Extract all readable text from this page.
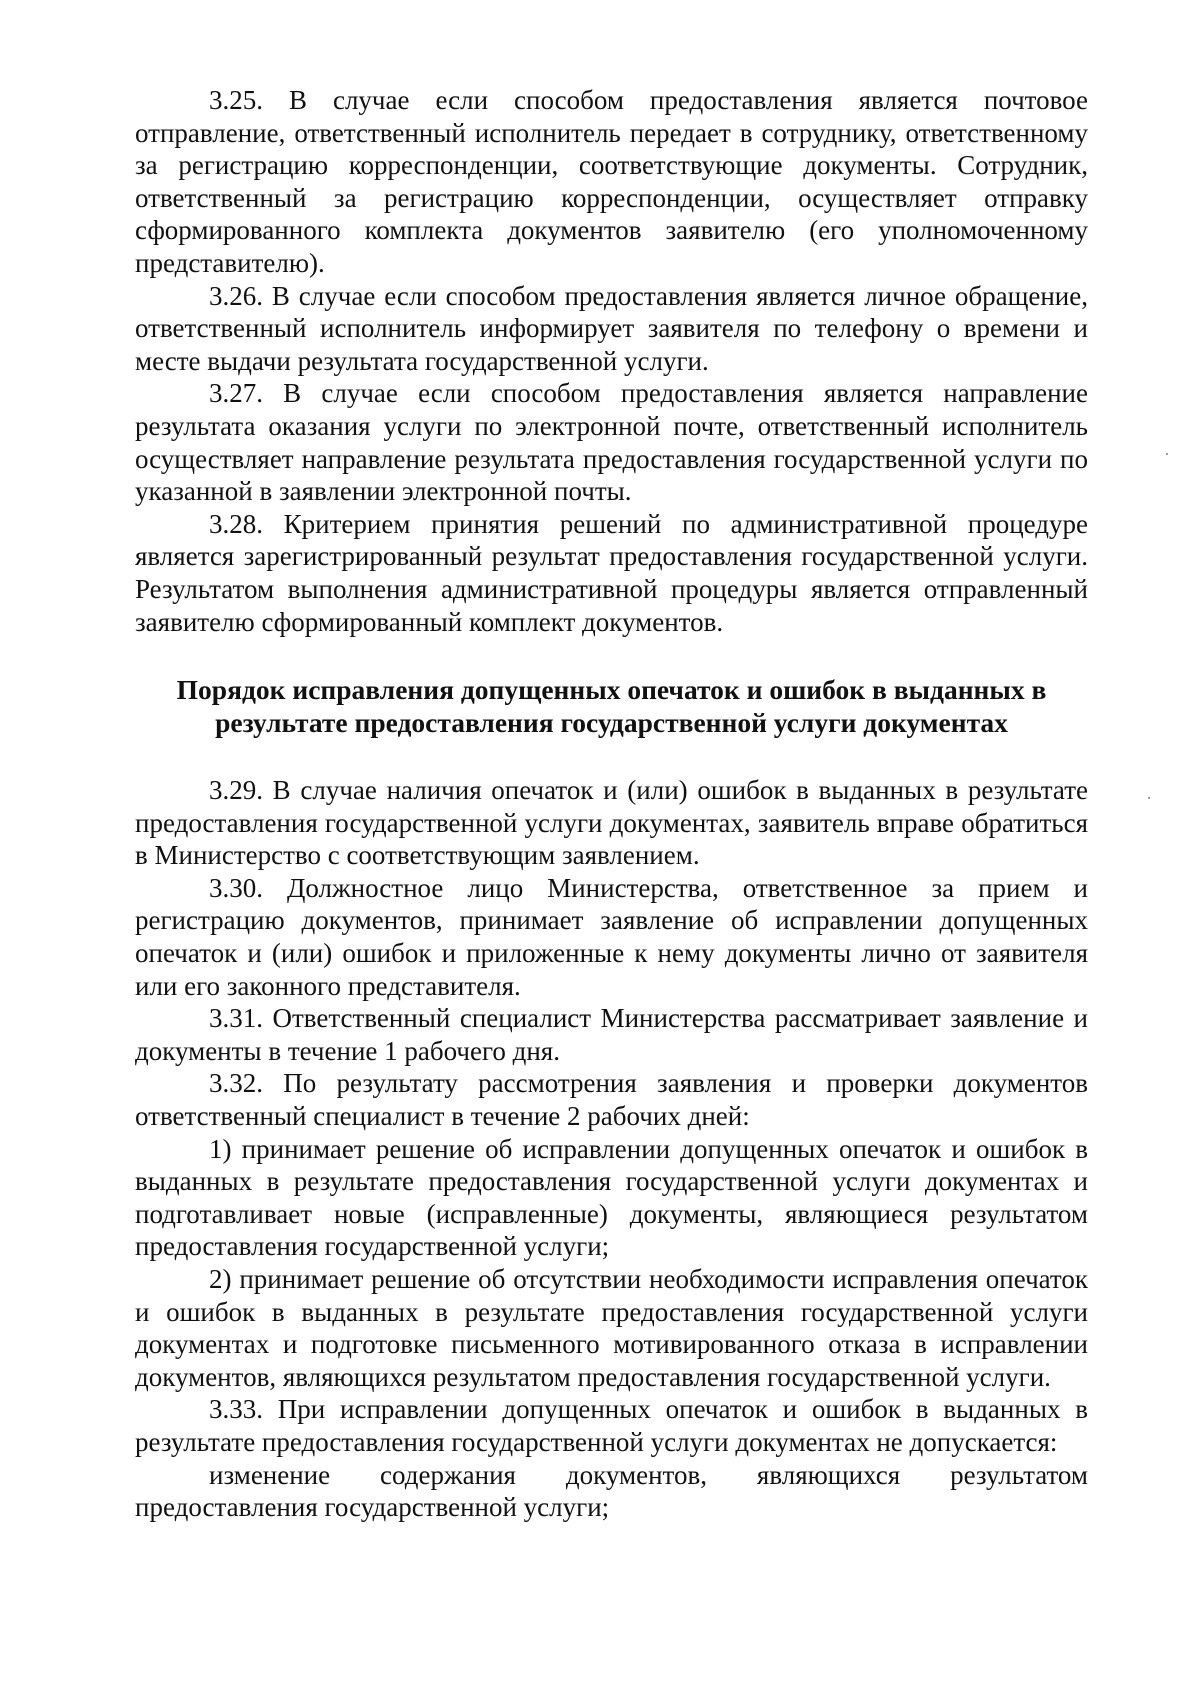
3.25. В случае если способом предоставления является почтовое отправление, ответственный исполнитель передает в сотруднику, ответственному за регистрацию корреспонденции, соответствующие документы. Сотрудник, ответственный за регистрацию корреспонденции, осуществляет отправку сформированного комплекта документов заявителю (его уполномоченному представителю).

3.26. В случае если способом предоставления является личное обращение, ответственный исполнитель информирует заявителя по телефону о времени и месте выдачи результата государственной услуги.

3.27. В случае если способом предоставления является направление результата оказания услуги по электронной почте, ответственный исполнитель осуществляет направление результата предоставления государственной услуги по указанной в заявлении электронной почты.

3.28. Критерием принятия решений по административной процедуре является зарегистрированный результат предоставления государственной услуги. Результатом выполнения административной процедуры является отправленный заявителю сформированный комплект документов.

Порядок исправления допущенных опечаток и ошибок в выданных в
результате предоставления государственной услуги документах

3.29. В случае наличия опечаток и (или) ошибок в выданных в результате предоставления государственной услуги документах, заявитель вправе обратиться в Министерство с соответствующим заявлением.

3.30. Должностное лицо Министерства, ответственное за прием и регистрацию документов, принимает заявление об исправлении допущенных опечаток и (или) ошибок и приложенные к нему документы лично от заявителя или его законного представителя.

3.31. Ответственный специалист Министерства рассматривает заявление и документы в течение 1 рабочего дня.

3.32. По результату рассмотрения заявления и проверки документов ответственный специалист в течение 2 рабочих дней:

1) принимает решение об исправлении допущенных опечаток и ошибок в выданных в результате предоставления государственной услуги документах и подготавливает новые (исправленные) документы, являющиеся результатом предоставления государственной услуги;

2) принимает решение об отсутствии необходимости исправления опечаток и ошибок в выданных в результате предоставления государственной услуги документах и подготовке письменного мотивированного отказа в исправлении документов, являющихся результатом предоставления государственной услуги.

3.33. При исправлении допущенных опечаток и ошибок в выданных в результате предоставления государственной услуги документах не допускается:

изменение содержания документов, являющихся результатом предоставления государственной услуги;
